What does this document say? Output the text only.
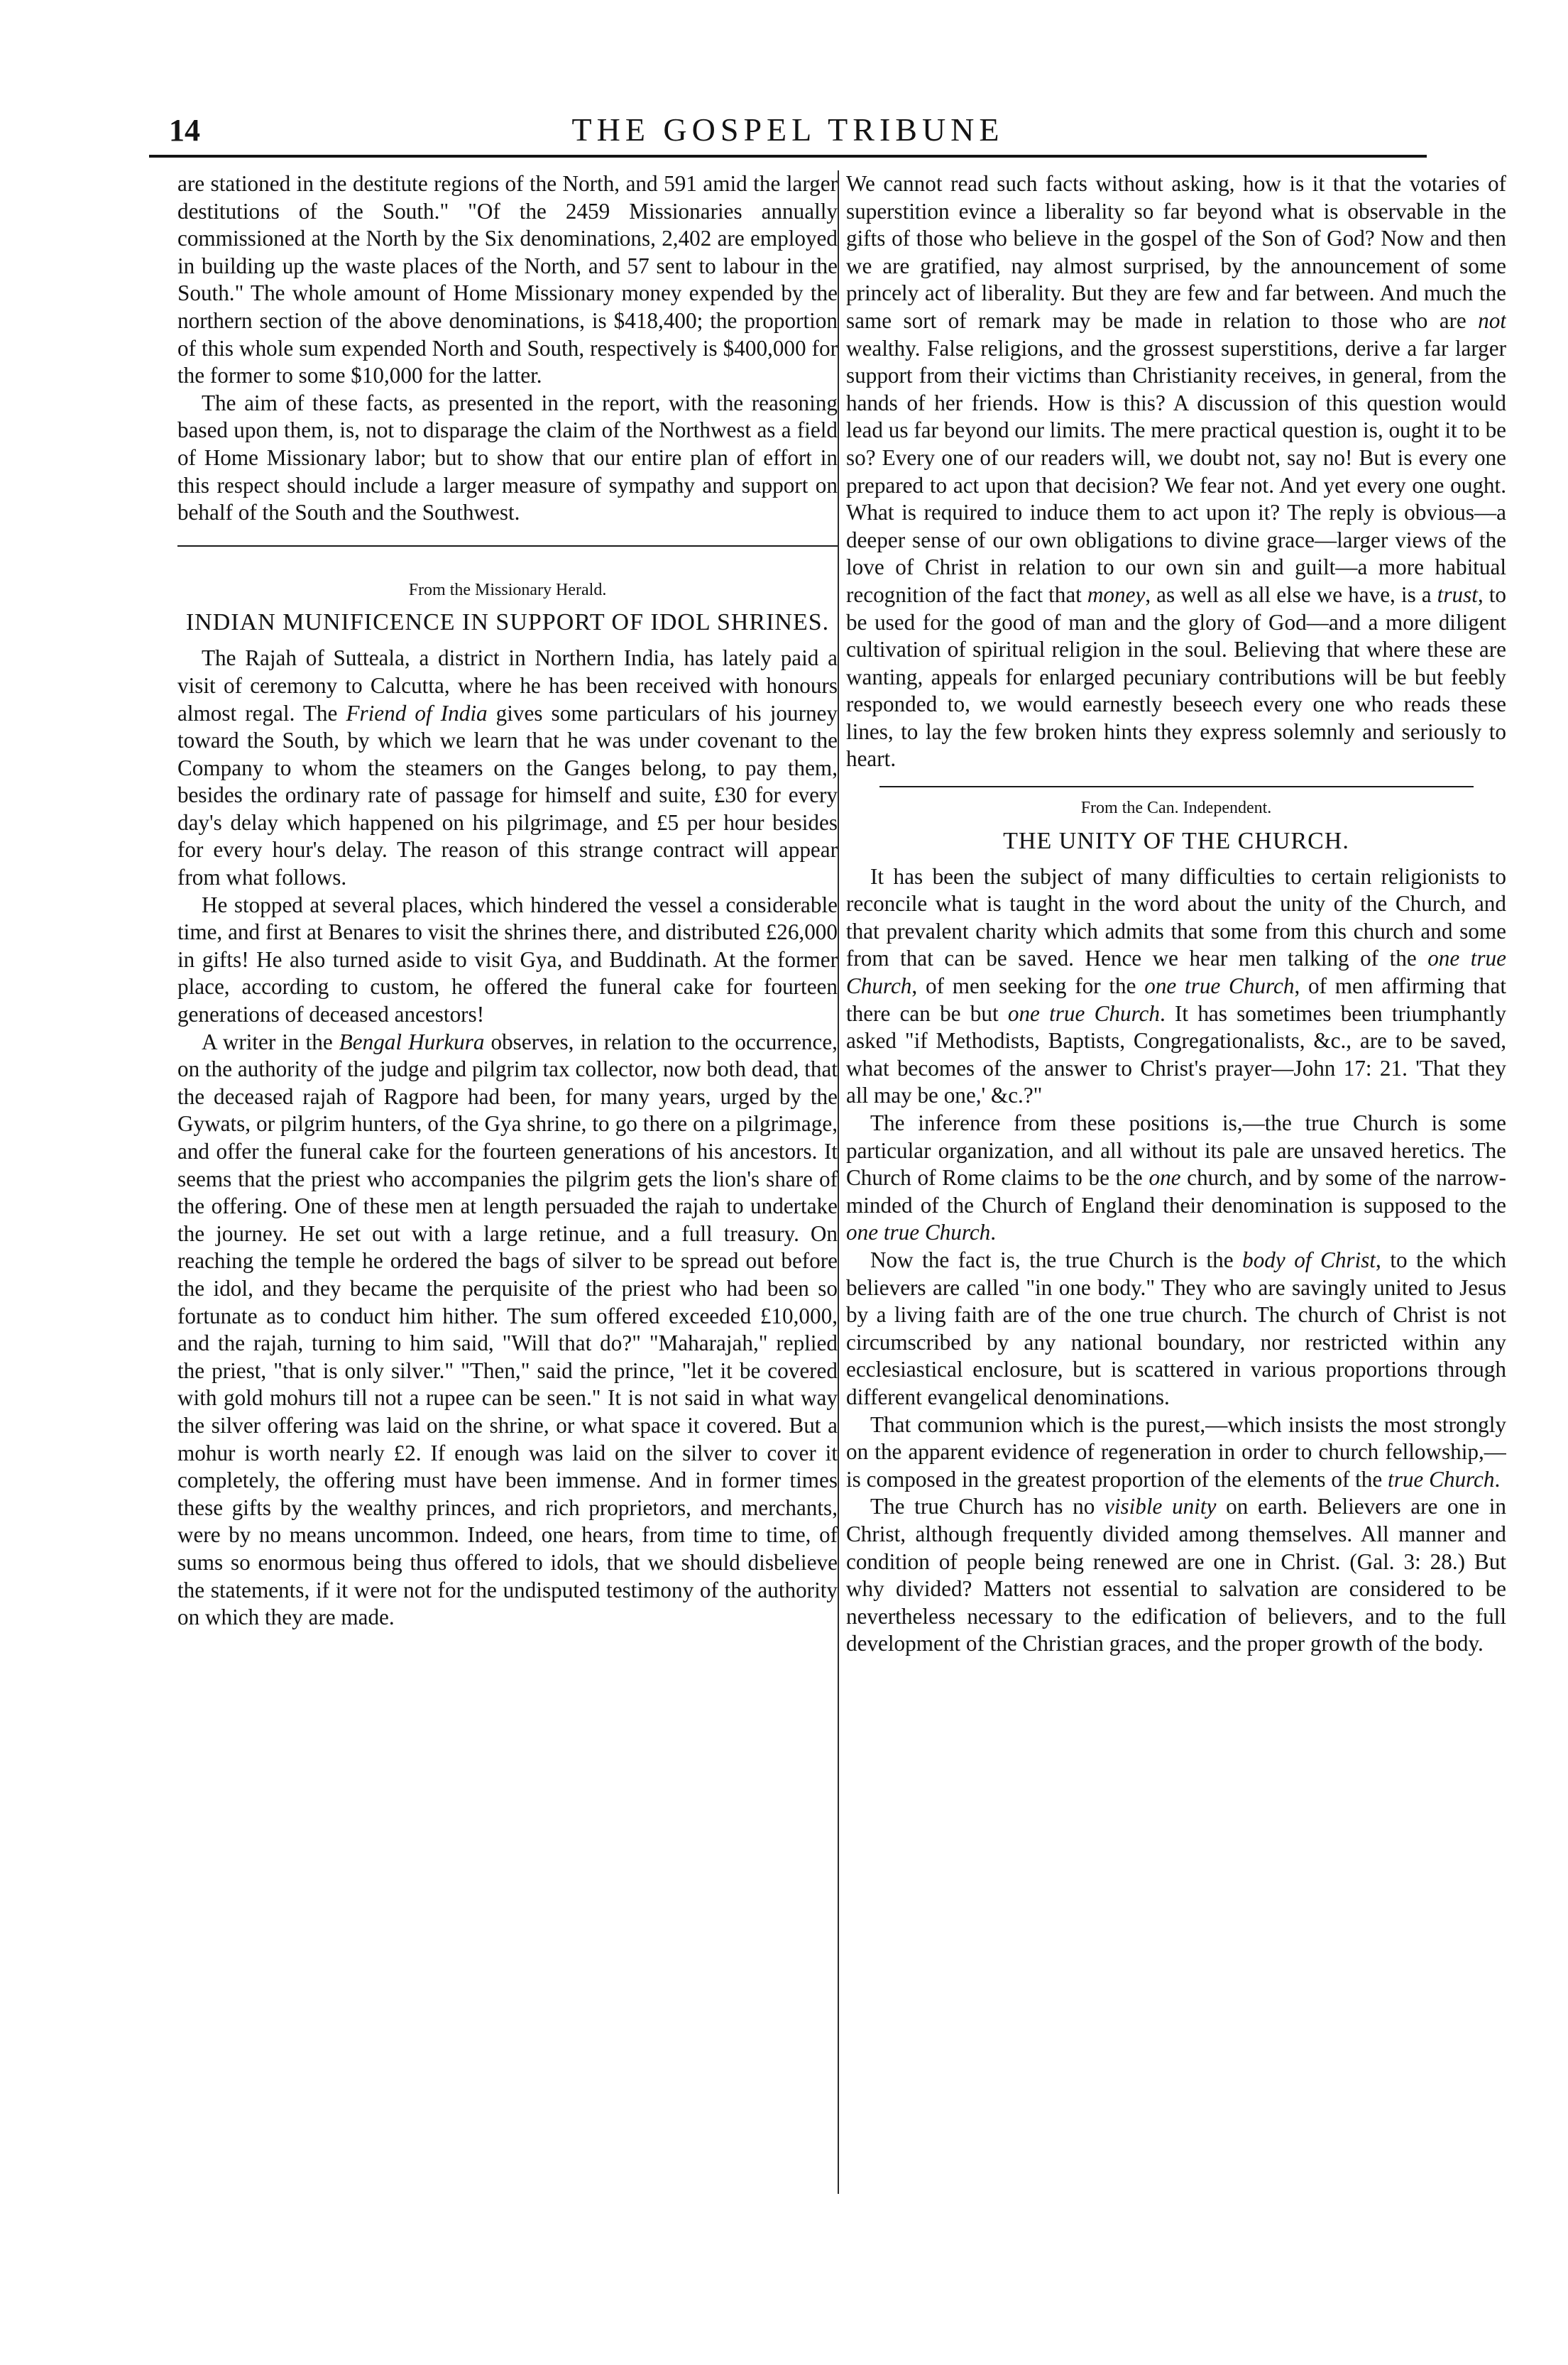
14	THE GOSPEL TRIBUNE

are stationed in the destitute regions of the North, and 591 amid the larger destitutions of the South." "Of the 2459 Missionaries annually commissioned at the North by the Six denominations, 2,402 are employed in building up the waste places of the North, and 57 sent to labour in the South." The whole amount of Home Missionary money expended by the northern section of the above denominations, is $418,400; the proportion of this whole sum expended North and South, respectively is $400,000 for the former to some $10,000 for the latter.

The aim of these facts, as presented in the report, with the reasoning based upon them, is, not to disparage the claim of the Northwest as a field of Home Missionary labor; but to show that our entire plan of effort in this respect should include a larger measure of sympathy and support on behalf of the South and the Southwest.

From the Missionary Herald.

INDIAN MUNIFICENCE IN SUPPORT OF IDOL SHRINES.

The Rajah of Sutteala, a district in Northern India, has lately paid a visit of ceremony to Calcutta, where he has been received with honours almost regal. The Friend of India gives some particulars of his journey toward the South, by which we learn that he was under covenant to the Company to whom the steamers on the Ganges belong, to pay them, besides the ordinary rate of passage for himself and suite, £30 for every day's delay which happened on his pilgrimage, and £5 per hour besides for every hour's delay. The reason of this strange contract will appear from what follows.

He stopped at several places, which hindered the vessel a considerable time, and first at Benares to visit the shrines there, and distributed £26,000 in gifts! He also turned aside to visit Gya, and Buddinath. At the former place, according to custom, he offered the funeral cake for fourteen generations of deceased ancestors!

A writer in the Bengal Hurkura observes, in relation to the occurrence, on the authority of the judge and pilgrim tax collector, now both dead, that the deceased rajah of Ragpore had been, for many years, urged by the Gywats, or pilgrim hunters, of the Gya shrine, to go there on a pilgrimage, and offer the funeral cake for the fourteen generations of his ancestors. It seems that the priest who accompanies the pilgrim gets the lion's share of the offering. One of these men at length persuaded the rajah to undertake the journey. He set out with a large retinue, and a full treasury. On reaching the temple he ordered the bags of silver to be spread out before the idol, and they became the perquisite of the priest who had been so fortunate as to conduct him hither. The sum offered exceeded £10,000, and the rajah, turning to him said, "Will that do?" "Maharajah," replied the priest, "that is only silver." "Then," said the prince, "let it be covered with gold mohurs till not a rupee can be seen." It is not said in what way the silver offering was laid on the shrine, or what space it covered. But a mohur is worth nearly £2. If enough was laid on the silver to cover it completely, the offering must have been immense. And in former times these gifts by the wealthy princes, and rich proprietors, and merchants, were by no means uncommon. Indeed, one hears, from time to time, of sums so enormous being thus offered to idols, that we should disbelieve the statements, if it were not for the undisputed testimony of the authority on which they are made.

We cannot read such facts without asking, how is it that the votaries of superstition evince a liberality so far beyond what is observable in the gifts of those who believe in the gospel of the Son of God? Now and then we are gratified, nay almost surprised, by the announcement of some princely act of liberality. But they are few and far between. And much the same sort of remark may be made in relation to those who are not wealthy. False religions, and the grossest superstitions, derive a far larger support from their victims than Christianity receives, in general, from the hands of her friends. How is this? A discussion of this question would lead us far beyond our limits. The mere practical question is, ought it to be so? Every one of our readers will, we doubt not, say no! But is every one prepared to act upon that decision? We fear not. And yet every one ought. What is required to induce them to act upon it? The reply is obvious—a deeper sense of our own obligations to divine grace—larger views of the love of Christ in relation to our own sin and guilt—a more habitual recognition of the fact that money, as well as all else we have, is a trust, to be used for the good of man and the glory of God—and a more diligent cultivation of spiritual religion in the soul. Believing that where these are wanting, appeals for enlarged pecuniary contributions will be but feebly responded to, we would earnestly beseech every one who reads these lines, to lay the few broken hints they express solemnly and seriously to heart.

From the Can. Independent.

THE UNITY OF THE CHURCH.

It has been the subject of many difficulties to certain religionists to reconcile what is taught in the word about the unity of the Church, and that prevalent charity which admits that some from this church and some from that can be saved. Hence we hear men talking of the one true Church, of men seeking for the one true Church, of men affirming that there can be but one true Church. It has sometimes been triumphantly asked "if Methodists, Baptists, Congregationalists, &c., are to be saved, what becomes of the answer to Christ's prayer—John 17: 21. 'That they all may be one,' &c.?"

The inference from these positions is,—the true Church is some particular organization, and all without its pale are unsaved heretics. The Church of Rome claims to be the one church, and by some of the narrow-minded of the Church of England their denomination is supposed to the one true Church.

Now the fact is, the true Church is the body of Christ, to the which believers are called "in one body." They who are savingly united to Jesus by a living faith are of the one true church. The church of Christ is not circumscribed by any national boundary, nor restricted within any ecclesiastical enclosure, but is scattered in various proportions through different evangelical denominations.

That communion which is the purest,—which insists the most strongly on the apparent evidence of regeneration in order to church fellowship,—is composed in the greatest proportion of the elements of the true Church.

The true Church has no visible unity on earth. Believers are one in Christ, although frequently divided among themselves. All manner and condition of people being renewed are one in Christ. (Gal. 3: 28.) But why divided? Matters not essential to salvation are considered to be nevertheless necessary to the edification of believers, and to the full development of the Christian graces, and the proper growth of the body.
